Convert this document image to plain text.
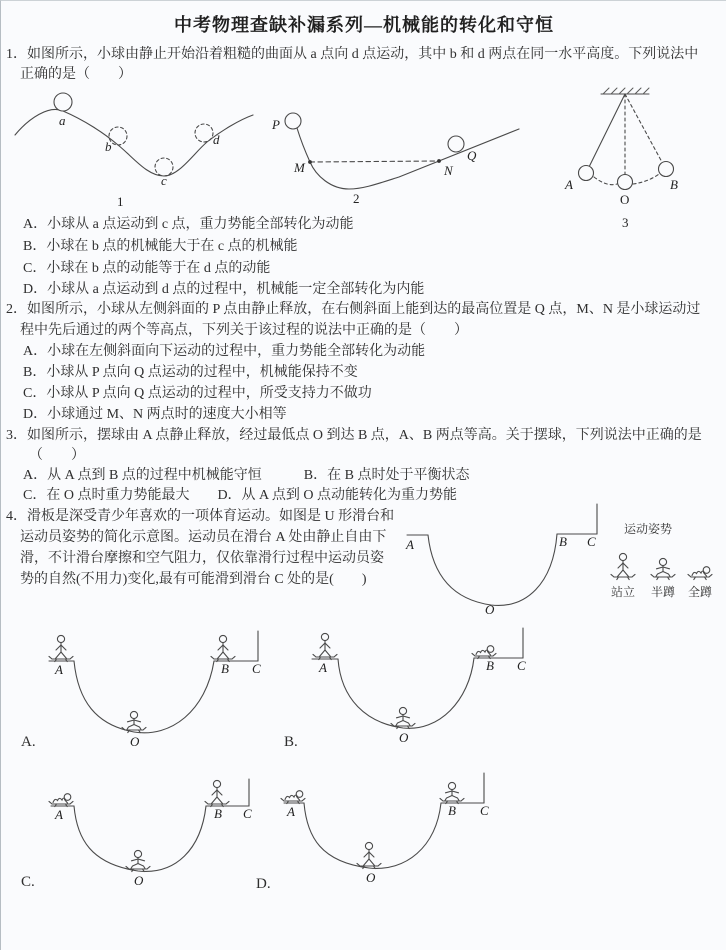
中考物理查缺补漏系列—机械能的转化和守恒
1．如图所示，小球由静止开始沿着粗糙的曲面从 a 点向 d 点运动，其中 b 和 d 两点在同一水平高度。下列说法中
正确的是（　　）
A．小球从 a 点运动到 c 点，重力势能全部转化为动能
B．小球在 b 点的机械能大于在 c 点的机械能
C．小球在 b 点的动能等于在 d 点的动能
D．小球从 a 点运动到 d 点的过程中，机械能一定全部转化为内能
a
b
c
d
1
P
M	N
Q
2
A	B
O
3
2．如图所示，小球从左侧斜面的 P 点由静止释放，在右侧斜面上能到达的最高位置是 Q 点，M、N 是小球运动过
程中先后通过的两个等高点，下列关于该过程的说法中正确的是（　　）
A．小球在左侧斜面向下运动的过程中，重力势能全部转化为动能
B．小球从 P 点向 Q 点运动的过程中，机械能保持不变
C．小球从 P 点向 Q 点运动的过程中，所受支持力不做功
D．小球通过 M、N 两点时的速度大小相等
3．如图所示，摆球由 A 点静止释放，经过最低点 O 到达 B 点，A、B 两点等高。关于摆球，下列说法中正确的是
（　　）
A．从 A 点到 B 点的过程中机械能守恒　　　B．在 B 点时处于平衡状态
C．在 O 点时重力势能最大　　D．从 A 点到 O 点动能转化为重力势能
4．滑板是深受青少年喜欢的一项体育运动。如图是 U 形滑台和
运动员姿势的简化示意图。运动员在滑台 A 处由静止自由下
滑，不计滑台摩擦和空气阻力，仅依靠滑行过程中运动员姿
势的自然(不用力)变化,最有可能滑到滑台 C 处的是(　　)
A	B C
O
运动姿势
站立 半蹲 全蹲
A	B C
O
A.
A	B C
O
B.
A	B C
O
C.
A	B C
O
D.
